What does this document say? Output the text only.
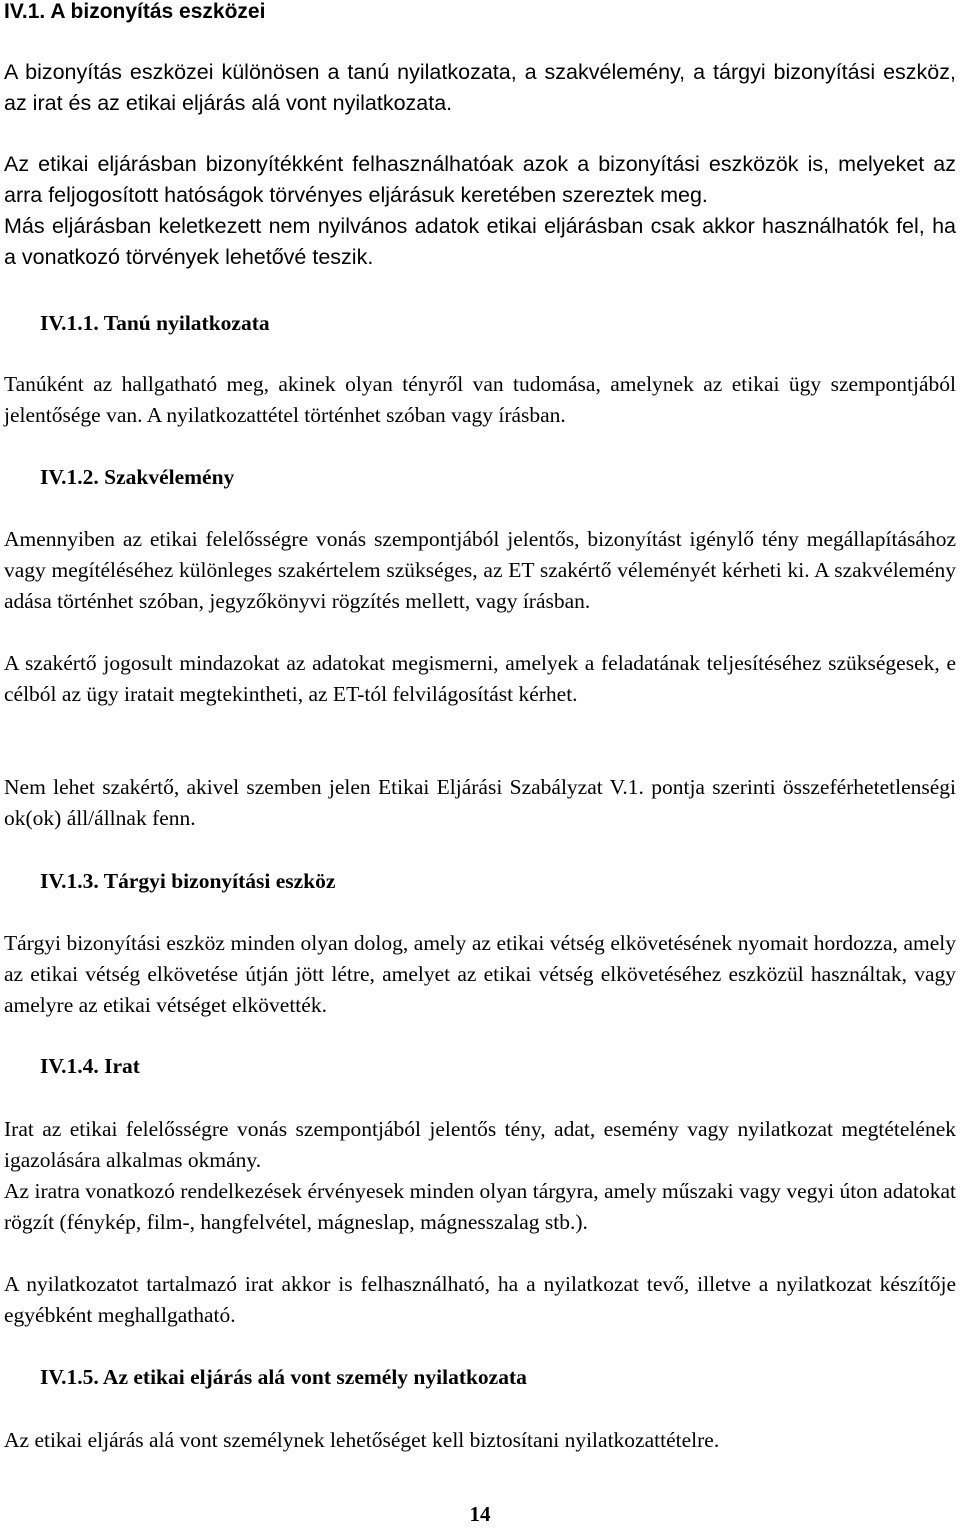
IV.1. A bizonyítás eszközei

A bizonyítás eszközei különösen a tanú nyilatkozata, a szakvélemény, a tárgyi bizonyítási eszköz, az irat és az etikai eljárás alá vont nyilatkozata.

Az etikai eljárásban bizonyítékként felhasználhatóak azok a bizonyítási eszközök is, melyeket az arra feljogosított hatóságok törvényes eljárásuk keretében szereztek meg.

Más eljárásban keletkezett nem nyilvános adatok etikai eljárásban csak akkor használhatók fel, ha a vonatkozó törvények lehetővé teszik.

IV.1.1. Tanú nyilatkozata

Tanúként az hallgatható meg, akinek olyan tényről van tudomása, amelynek az etikai ügy szempontjából jelentősége van. A nyilatkozattétel történhet szóban vagy írásban.

IV.1.2. Szakvélemény

Amennyiben az etikai felelősségre vonás szempontjából jelentős, bizonyítást igénylő tény megállapításához vagy megítéléséhez különleges szakértelem szükséges, az ET szakértő véleményét kérheti ki. A szakvélemény adása történhet szóban, jegyzőkönyvi rögzítés mellett, vagy írásban.

A szakértő jogosult mindazokat az adatokat megismerni, amelyek a feladatának teljesítéséhez szükségesek, e célból az ügy iratait megtekintheti, az ET-tól felvilágosítást kérhet.

Nem lehet szakértő, akivel szemben jelen Etikai Eljárási Szabályzat V.1. pontja szerinti összeférhetetlenségi ok(ok) áll/állnak fenn.

IV.1.3. Tárgyi bizonyítási eszköz

Tárgyi bizonyítási eszköz minden olyan dolog, amely az etikai vétség elkövetésének nyomait hordozza, amely az etikai vétség elkövetése útján jött létre, amelyet az etikai vétség elkövetéséhez eszközül használtak, vagy amelyre az etikai vétséget elkövették.

IV.1.4. Irat

Irat az etikai felelősségre vonás szempontjából jelentős tény, adat, esemény vagy nyilatkozat megtételének igazolására alkalmas okmány.

Az iratra vonatkozó rendelkezések érvényesek minden olyan tárgyra, amely műszaki vagy vegyi úton adatokat rögzít (fénykép, film-, hangfelvétel, mágneslap, mágnesszalag stb.).

A nyilatkozatot tartalmazó irat akkor is felhasználható, ha a nyilatkozat tevő, illetve a nyilatkozat készítője egyébként meghallgatható.

IV.1.5. Az etikai eljárás alá vont személy nyilatkozata

Az etikai eljárás alá vont személynek lehetőséget kell biztosítani nyilatkozattételre.

14
